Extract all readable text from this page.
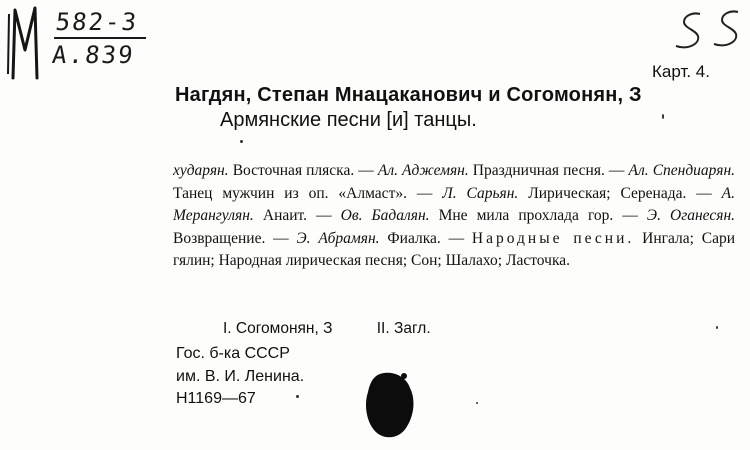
582-3
А.839
Карт. 4.
Нагдян, Степан Мнацаканович и Согомонян, З
Армянские песни [и] танцы.
хударян. Восточная пляска. — Ал. Аджемян. Праздничная песня. — Ал. Спендиарян. Танец мужчин из оп. «Алмаст». — Л. Сарьян. Лирическая; Серенада. — А. Мерангулян. Анаит. — Ов. Бадалян. Мне мила прохлада гор. — Э. Оганесян. Возвращение. — Э. Абрамян. Фиалка. — Народные песни. Ингала; Сари гялин; Народная лирическая песня; Сон; Шалахо; Ласточка.
I. Согомонян, З	II. Загл.
Гос. б-ка СССР
им. В. И. Ленина.
Н1169—67
